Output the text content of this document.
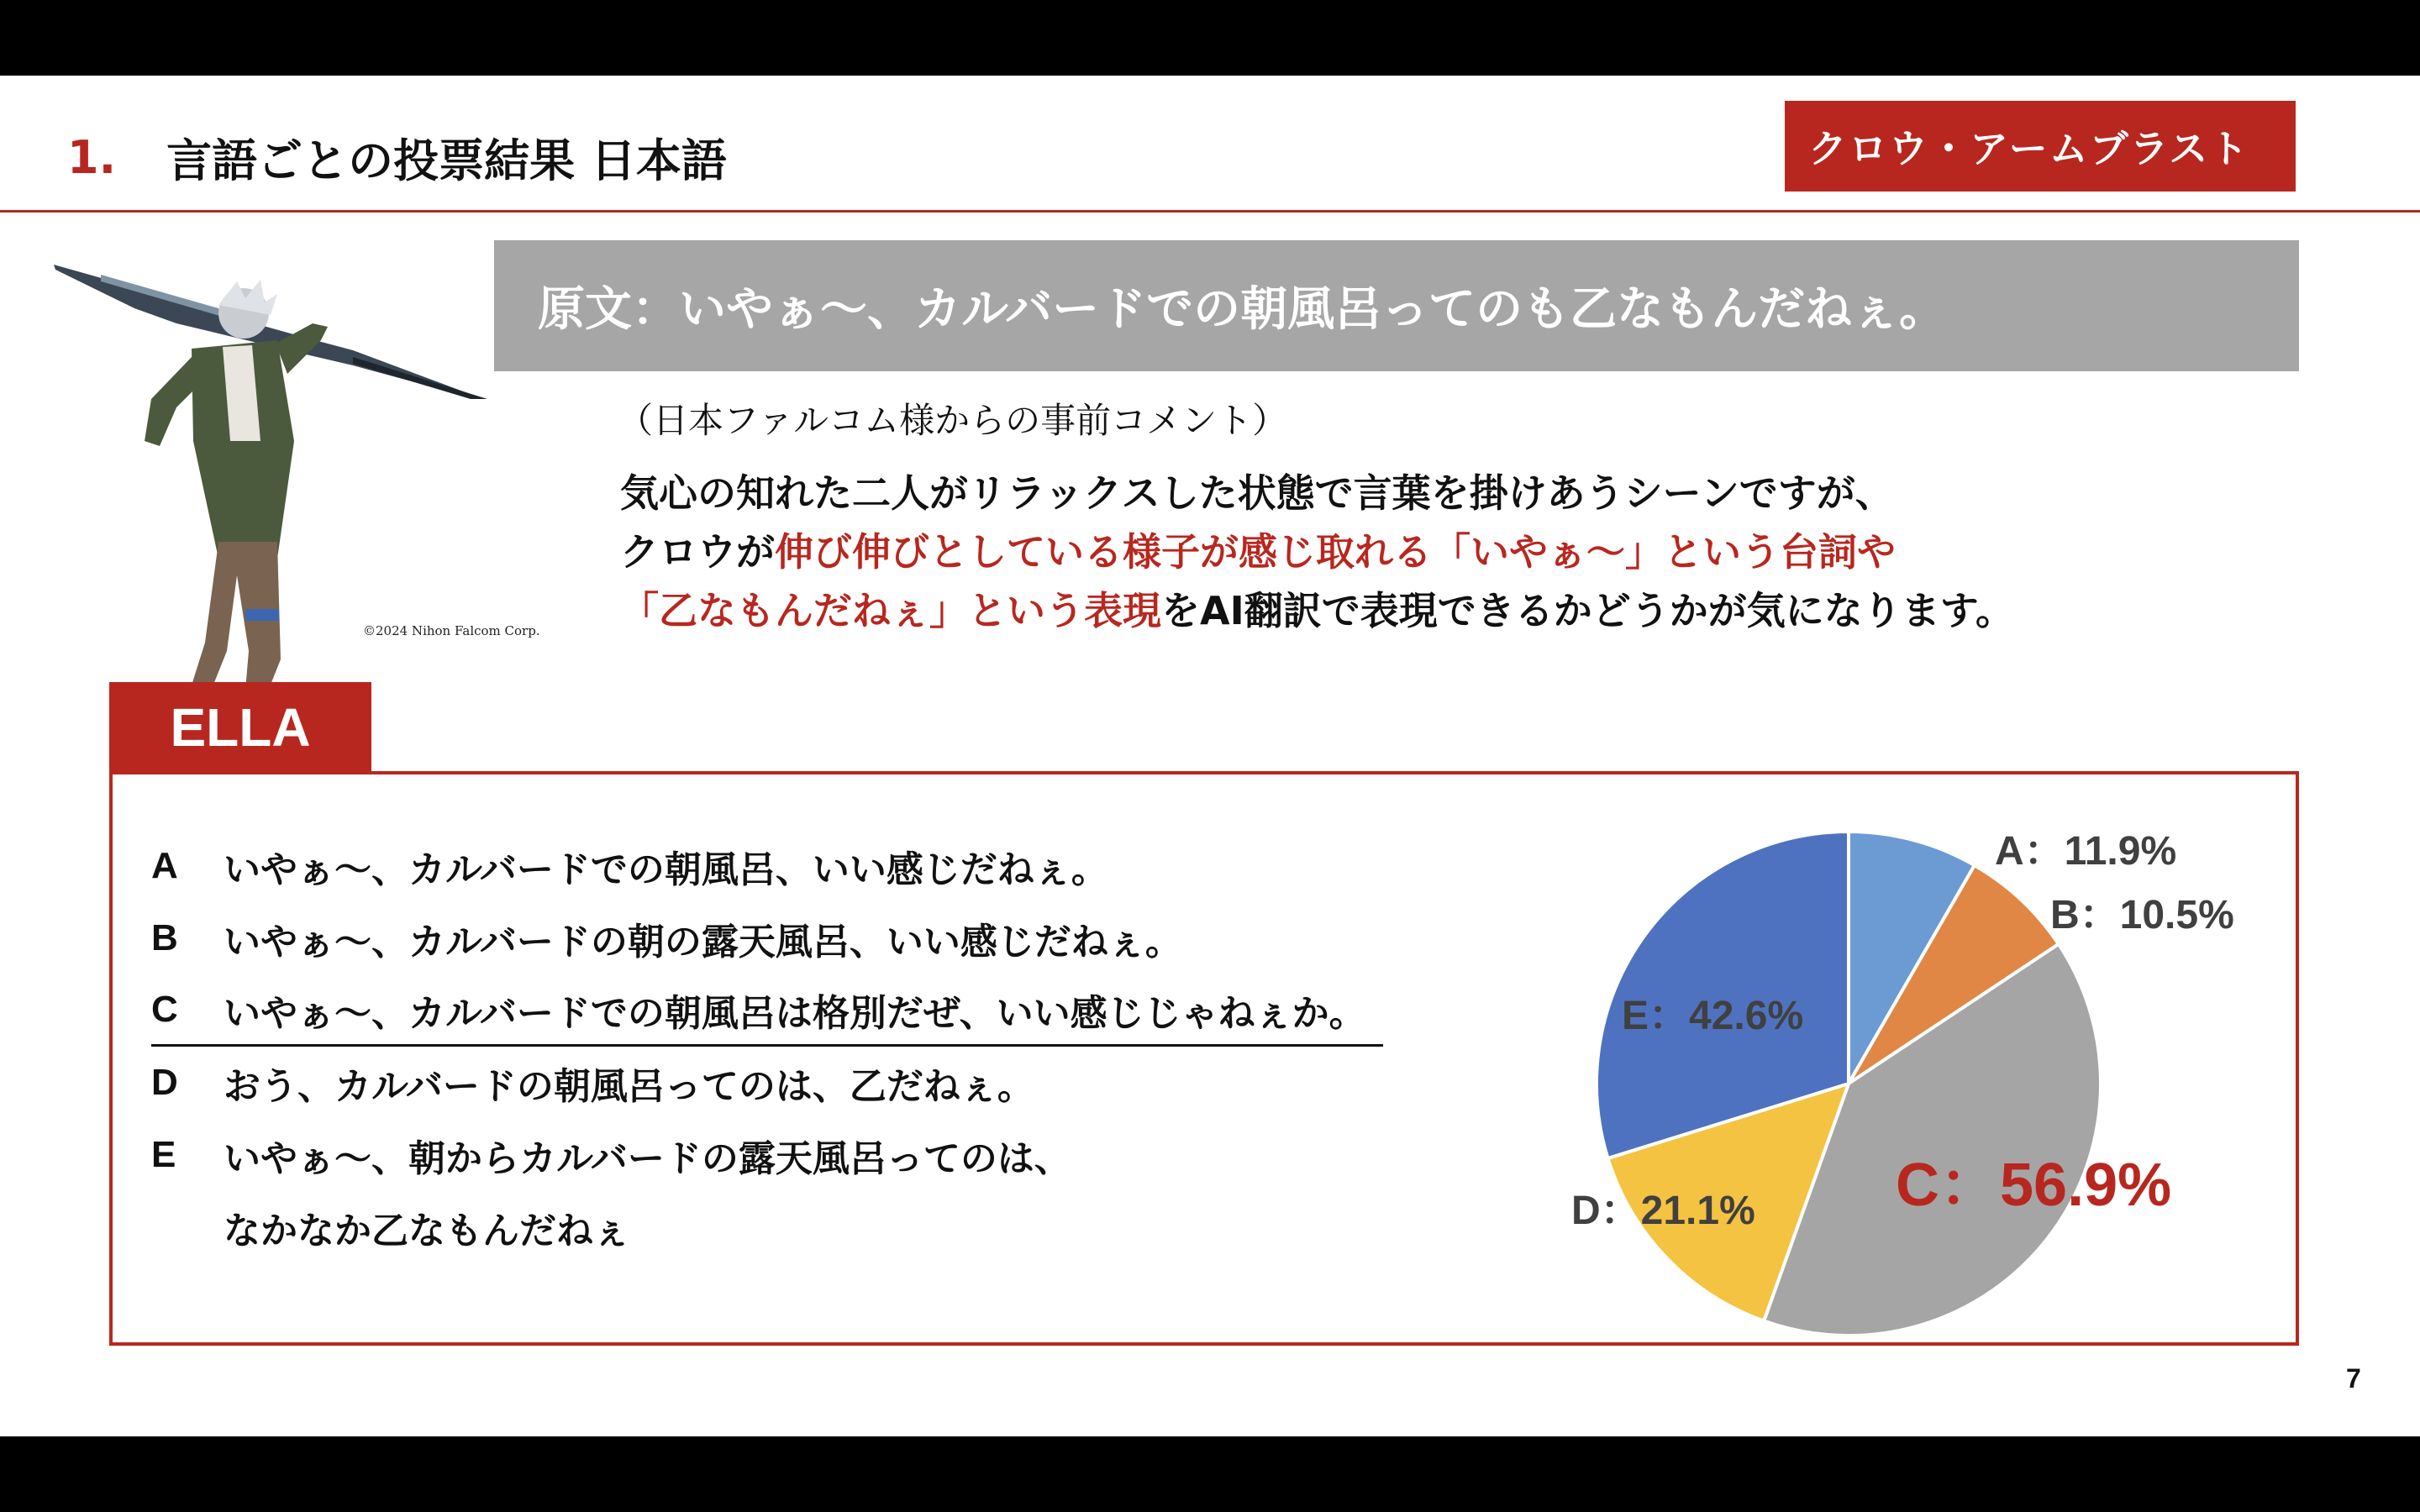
1. 言語ごとの投票結果 日本語	クロウ・アームブラスト
©2024 Nihon Falcom Corp.
原文：いやぁ～、カルバードでの朝風呂ってのも乙なもんだねぇ。
（日本ファルコム様からの事前コメント）
気心の知れた二人がリラックスした状態で言葉を掛けあうシーンですが、
クロウが伸び伸びとしている様子が感じ取れる「いやぁ～」という台詞や
「乙なもんだねぇ」という表現をAI翻訳で表現できるかどうかが気になります。
ELLA
A	いやぁ～、カルバードでの朝風呂、いい感じだねぇ。
B	いやぁ～、カルバードの朝の露天風呂、いい感じだねぇ。
C	いやぁ～、カルバードでの朝風呂は格別だぜ、いい感じじゃねぇか。
D	おう、カルバードの朝風呂ってのは、乙だねぇ。
E	いやぁ～、朝からカルバードの露天風呂ってのは、
なかなか乙なもんだねぇ
A：11.9%
B：10.5%
C：56.9%
D：21.1%
E：42.6%
7
